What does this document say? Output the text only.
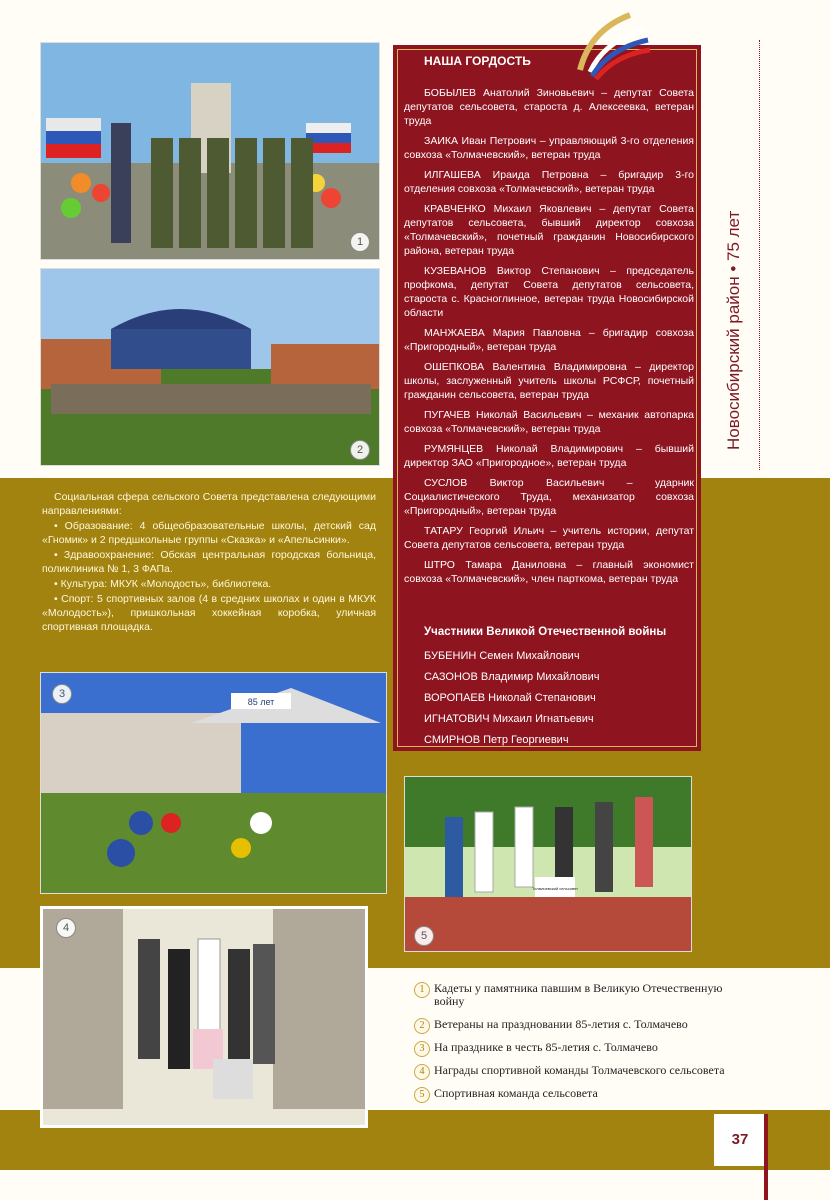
1
2

Социальная сфера сельского Совета представлена следующими направлениями:

• Образование: 4 общеобразовательные школы, детский сад «Гномик» и 2 предшкольные группы «Сказка» и «Апельсинки».

• Здравоохранение: Обская центральная городская больница, поликлиника № 1, 3 ФАПа.

• Культура: МКУК «Молодость», библиотека.

• Спорт: 5 спортивных залов (4 в средних школах и один в МКУК «Молодость»), пришкольная хоккейная коробка, уличная спортивная площадка.

85 лет
3
4
Толмачевский сельсовет
5
НАША ГОРДОСТЬ

БОБЫЛЕВ Анатолий Зиновьевич – депутат Совета депутатов сельсовета, староста д. Алексеевка, ветеран труда

ЗАИКА Иван Петрович – управляющий 3-го отделения совхоза «Толмачевский», ветеран труда

ИЛГАШЕВА Ираида Петровна – бригадир 3-го отделения совхоза «Толмачевский», ветеран труда

КРАВЧЕНКО Михаил Яковлевич – депутат Совета депутатов сельсовета, бывший директор совхоза «Толмачевский», почетный гражданин Новосибирского района, ветеран труда

КУЗЕВАНОВ Виктор Степанович – председатель профкома, депутат Совета депутатов сельсовета, староста с. Красноглинное, ветеран труда Новосибирской области

МАНЖАЕВА Мария Павловна – бригадир совхоза «Пригородный», ветеран труда

ОШЕПКОВА Валентина Владимировна – директор школы, заслуженный учитель школы РСФСР, почетный гражданин сельсовета, ветеран труда

ПУГАЧЕВ Николай Васильевич – механик автопарка совхоза «Толмачевский», ветеран труда

РУМЯНЦЕВ Николай Владимирович – бывший директор ЗАО «Пригородное», ветеран труда

СУСЛОВ Виктор Васильевич – ударник Социалистического Труда, механизатор совхоза «Пригородный», ветеран труда

ТАТАРУ Георгий Ильич – учитель истории, депутат Совета депутатов сельсовета, ветеран труда

ШТРО Тамара Даниловна – главный экономист совхоза «Толмачевский», член парткома, ветеран труда

Участники Великой Отечественной войны
БУБЕНИН Семен Михайлович
САЗОНОВ Владимир Михайлович
ВОРОПАЕВ Николай Степанович
ИГНАТОВИЧ Михаил Игнатьевич
СМИРНОВ Петр Георгиевич
Новосибирский район • 75 лет
1 Кадеты у памятника павшим в Великую Отечественную войну
2 Ветераны на праздновании 85-летия с. Толмачево
3 На празднике в честь 85-летия с. Толмачево
4 Награды спортивной команды Толмачевского сельсовета
5 Спортивная команда сельсовета
37
